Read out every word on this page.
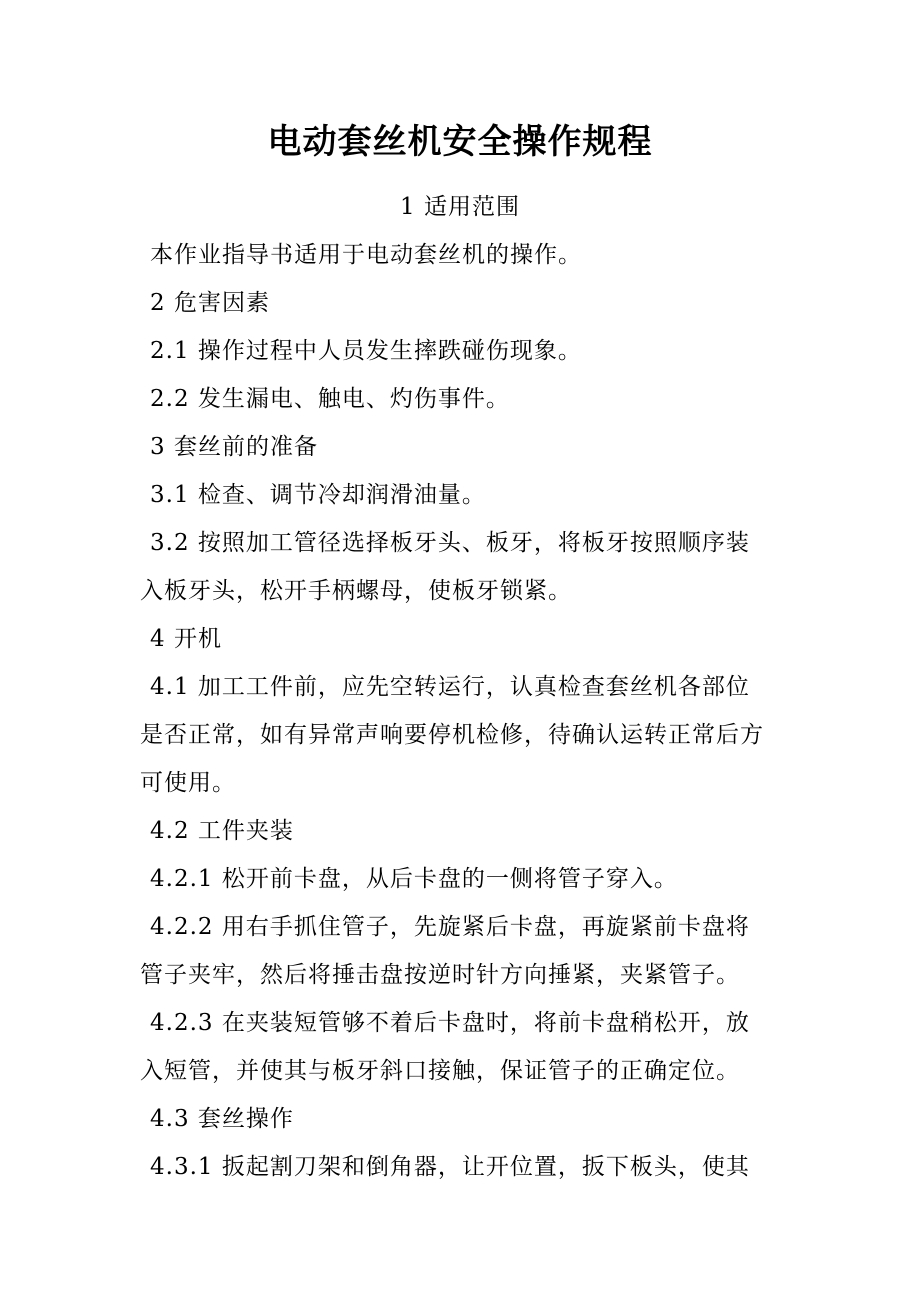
电动套丝机安全操作规程
1 适用范围
本作业指导书适用于电动套丝机的操作。
2 危害因素
2.1 操作过程中人员发生摔跌碰伤现象。
2.2 发生漏电、触电、灼伤事件。
3 套丝前的准备
3.1 检查、调节冷却润滑油量。
3.2 按照加工管径选择板牙头、板牙，将板牙按照顺序装
入板牙头，松开手柄螺母，使板牙锁紧。
4 开机
4.1 加工工件前，应先空转运行，认真检查套丝机各部位
是否正常，如有异常声响要停机检修，待确认运转正常后方
可使用。
4.2 工件夹装
4.2.1 松开前卡盘，从后卡盘的一侧将管子穿入。
4.2.2 用右手抓住管子，先旋紧后卡盘，再旋紧前卡盘将
管子夹牢，然后将捶击盘按逆时针方向捶紧，夹紧管子。
4.2.3 在夹装短管够不着后卡盘时，将前卡盘稍松开，放
入短管，并使其与板牙斜口接触，保证管子的正确定位。
4.3 套丝操作
4.3.1 扳起割刀架和倒角器，让开位置，扳下板头，使其
